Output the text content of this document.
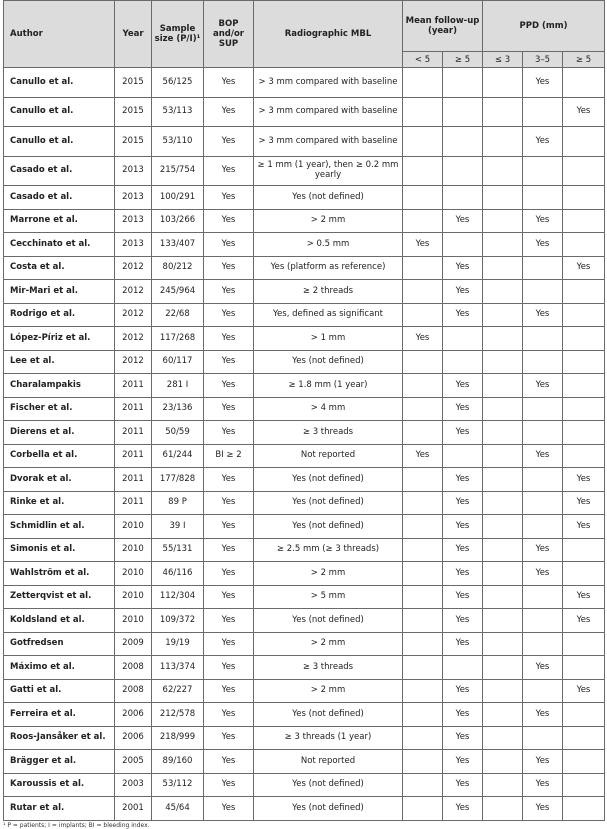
Author	Year	Sample size (P/I)¹	BOP and/or SUP	Radiographic MBL	Mean follow-up (year)		PPD (mm)		
					< 5	≥ 5	≤ 3	3–5	≥ 5
Canullo et al.	2015	56/125	Yes	> 3 mm compared with baseline				Yes	
Canullo et al.	2015	53/113	Yes	> 3 mm compared with baseline					Yes
Canullo et al.	2015	53/110	Yes	> 3 mm compared with baseline				Yes	
Casado et al.	2013	215/754	Yes	≥ 1 mm (1 year), then ≥ 0.2 mm yearly					
Casado et al.	2013	100/291	Yes	Yes (not defined)					
Marrone et al.	2013	103/266	Yes	> 2 mm		Yes		Yes	
Cecchinato et al.	2013	133/407	Yes	> 0.5 mm	Yes			Yes	
Costa et al.	2012	80/212	Yes	Yes (platform as reference)		Yes			Yes
Mir-Mari et al.	2012	245/964	Yes	≥ 2 threads		Yes			
Rodrigo et al.	2012	22/68	Yes	Yes, defined as significant		Yes		Yes	
López-Píriz et al.	2012	117/268	Yes	> 1 mm	Yes				
Lee et al.	2012	60/117	Yes	Yes (not defined)					
Charalampakis	2011	281 I	Yes	≥ 1.8 mm (1 year)		Yes		Yes	
Fischer et al.	2011	23/136	Yes	> 4 mm		Yes			
Dierens et al.	2011	50/59	Yes	≥ 3 threads		Yes			
Corbella et al.	2011	61/244	BI ≥ 2	Not reported	Yes			Yes	
Dvorak et al.	2011	177/828	Yes	Yes (not defined)		Yes			Yes
Rinke et al.	2011	89 P	Yes	Yes (not defined)		Yes			Yes
Schmidlin et al.	2010	39 I	Yes	Yes (not defined)		Yes			Yes
Simonis et al.	2010	55/131	Yes	≥ 2.5 mm (≥ 3 threads)		Yes		Yes	
Wahlström et al.	2010	46/116	Yes	> 2 mm		Yes		Yes	
Zetterqvist et al.	2010	112/304	Yes	> 5 mm		Yes			Yes
Koldsland et al.	2010	109/372	Yes	Yes (not defined)		Yes			Yes
Gotfredsen	2009	19/19	Yes	> 2 mm		Yes			
Máximo et al.	2008	113/374	Yes	≥ 3 threads				Yes	
Gatti et al.	2008	62/227	Yes	> 2 mm		Yes			Yes
Ferreira et al.	2006	212/578	Yes	Yes (not defined)		Yes		Yes	
Roos-Jansåker et al.	2006	218/999	Yes	≥ 3 threads (1 year)		Yes			
Brägger et al.	2005	89/160	Yes	Not reported		Yes		Yes	
Karoussis et al.	2003	53/112	Yes	Yes (not defined)		Yes		Yes	
Rutar et al.	2001	45/64	Yes	Yes (not defined)		Yes		Yes	
¹ P = patients; I = implants; BI = bleeding index.
